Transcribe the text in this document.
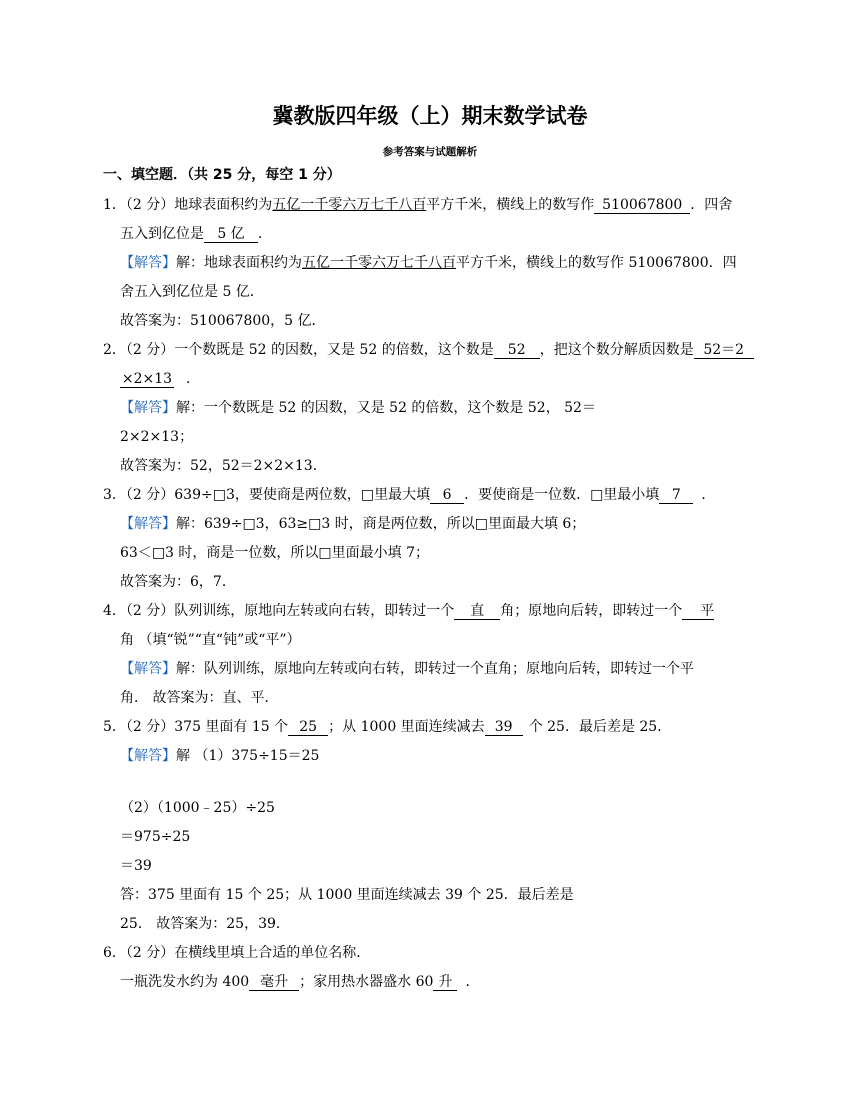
冀教版四年级（上）期末数学试卷
参考答案与试题解析
一、填空题．（共 25 分，每空 1 分）
1．（2 分）地球表面积约为五亿一千零六万七千八百平方千米，横线上的数写作 510067800 ．四舍
五入到亿位是 5 亿 ．
【解答】解：地球表面积约为五亿一千零六万七千八百平方千米，横线上的数写作 510067800．四
舍五入到亿位是 5 亿．
故答案为：510067800，5 亿．
2．（2 分）一个数既是 52 的因数，又是 52 的倍数，这个数是 52 ，把这个数分解质因数是 52＝2
×2×13 ．
【解答】解：一个数既是 52 的因数，又是 52 的倍数，这个数是 52， 52＝
2×2×13；
故答案为：52，52＝2×2×13．
3．（2 分）639÷□3，要使商是两位数，□里最大填 6 ．要使商是一位数．□里最小填 7 ．
【解答】解：639÷□3，63≥□3 时，商是两位数，所以□里面最大填 6；
63＜□3 时，商是一位数，所以□里面最小填 7；
故答案为：6，7．
4．（2 分）队列训练，原地向左转或向右转，即转过一个 直 角；原地向后转，即转过一个 平
角 （填“锐”“直“钝”或“平”）
【解答】解：队列训练，原地向左转或向右转，即转过一个直角；原地向后转，即转过一个平
角． 故答案为：直、平．
5．（2 分）375 里面有 15 个 25 ；从 1000 里面连续减去 39 个 25．最后差是 25．
【解答】解 （1）375÷15＝25
（2）（1000﹣25）÷25
＝975÷25
＝39
答：375 里面有 15 个 25；从 1000 里面连续减去 39 个 25．最后差是
25． 故答案为：25，39．
6．（2 分）在横线里填上合适的单位名称．
一瓶洗发水约为 400 毫升 ；家用热水器盛水 60 升 ．
